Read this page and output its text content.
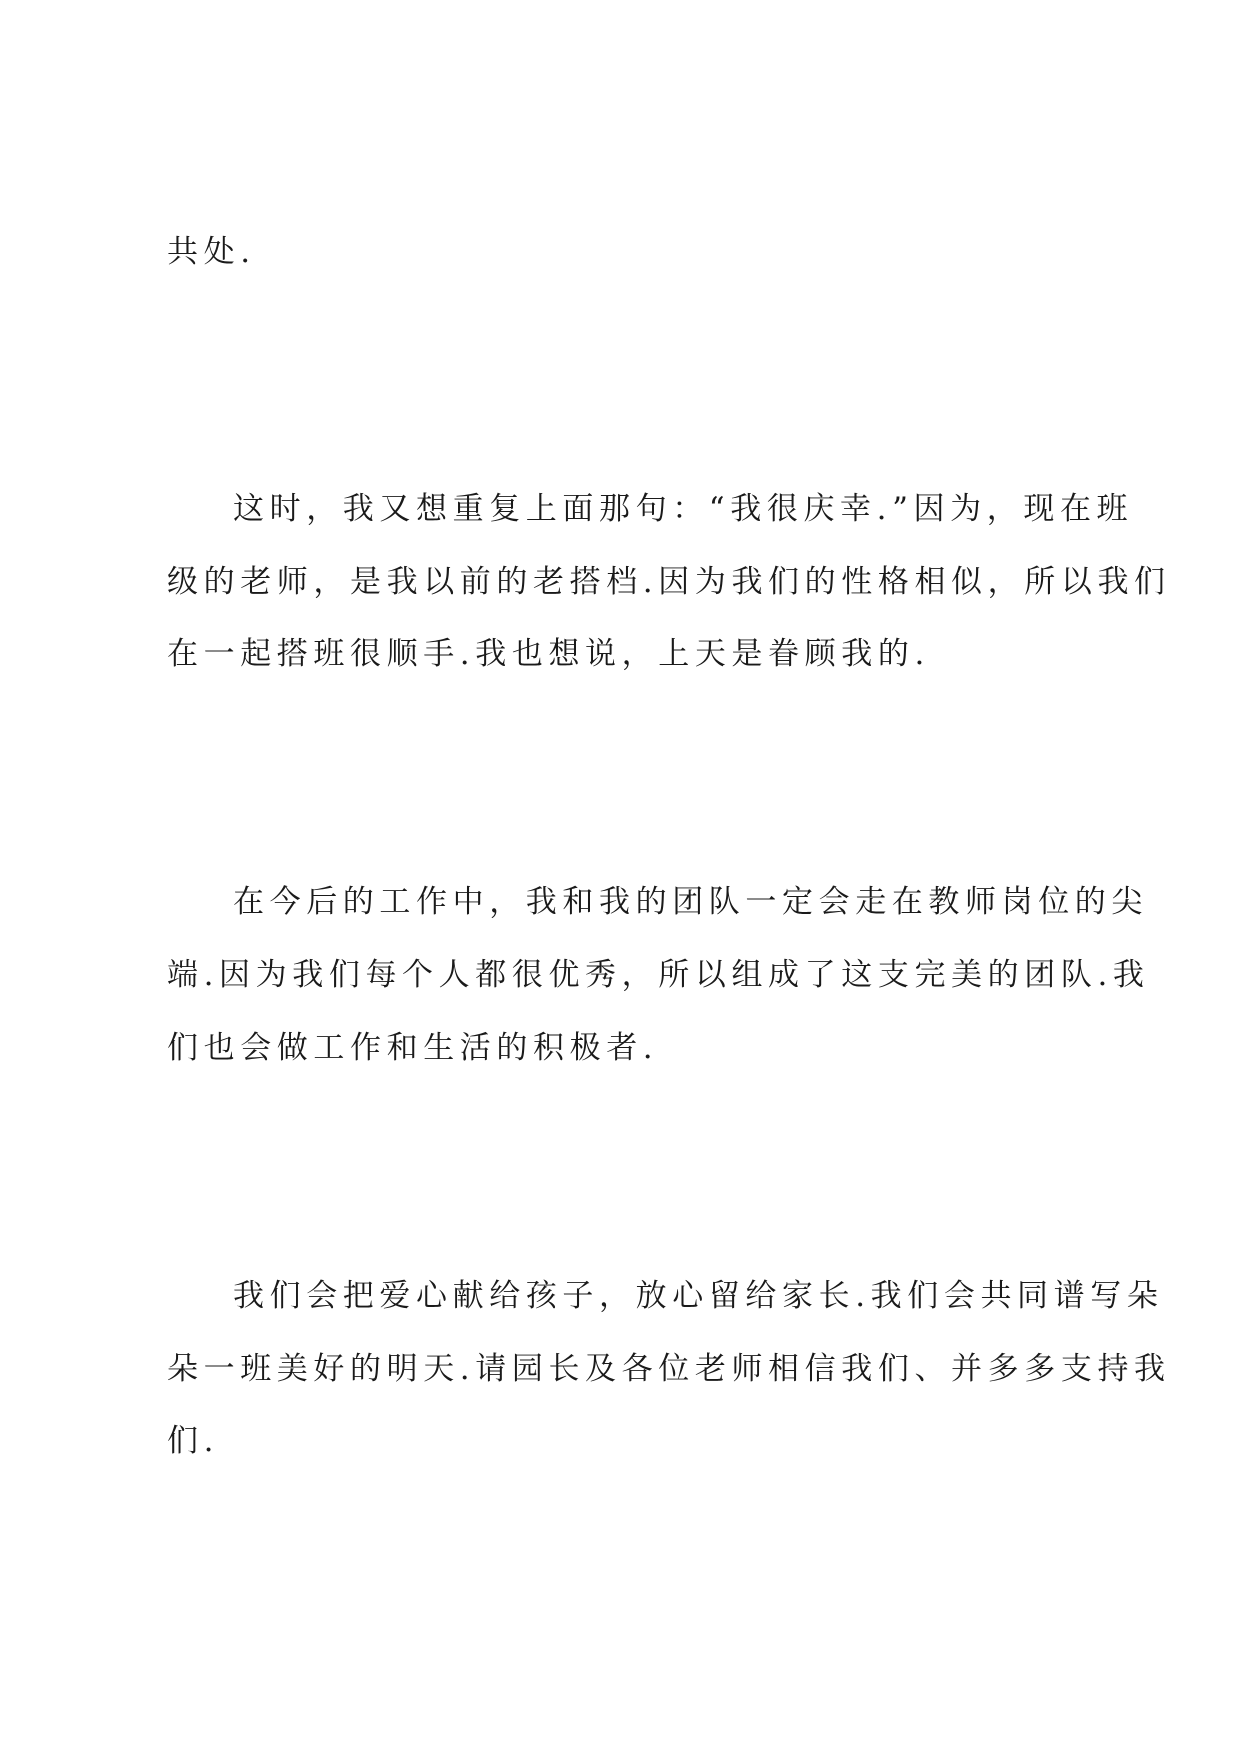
共处.
这时，我又想重复上面那句：“我很庆幸.”因为，现在班
级的老师，是我以前的老搭档.因为我们的性格相似，所以我们
在一起搭班很顺手.我也想说，上天是眷顾我的.
在今后的工作中，我和我的团队一定会走在教师岗位的尖
端.因为我们每个人都很优秀，所以组成了这支完美的团队.我
们也会做工作和生活的积极者.
我们会把爱心献给孩子，放心留给家长.我们会共同谱写朵
朵一班美好的明天.请园长及各位老师相信我们、并多多支持我
们.
